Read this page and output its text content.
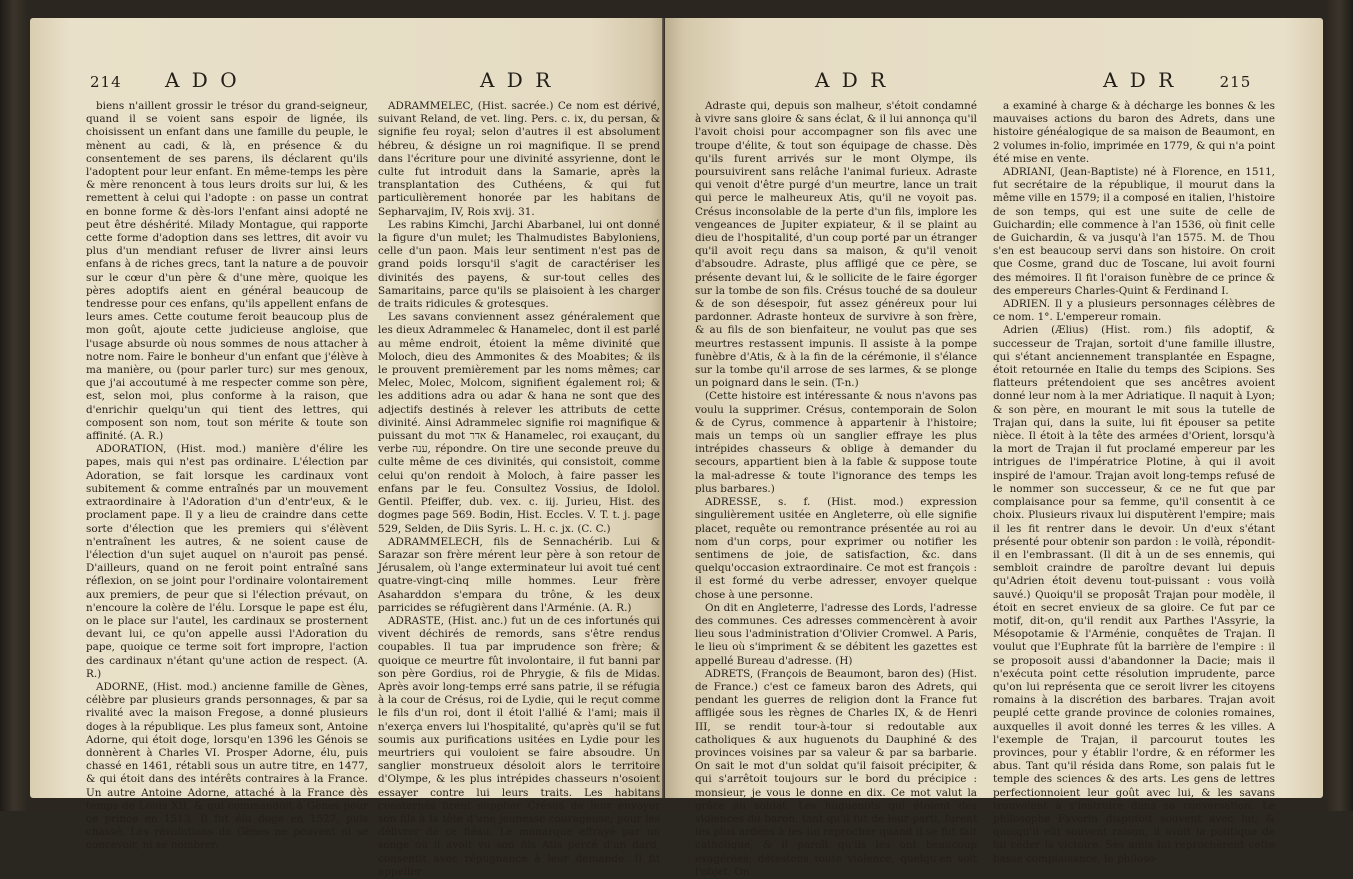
214 A D O	A D R

biens n'aillent grossir le trésor du grand-seigneur, quand il se voient sans espoir de lignée, ils choisissent un enfant dans une famille du peuple, le mènent au cadi, & là, en présence & du consentement de ses parens, ils déclarent qu'ils l'adoptent pour leur enfant. En même-temps les père & mère renoncent à tous leurs droits sur lui, & les remettent à celui qui l'adopte : on passe un contrat en bonne forme & dès-lors l'enfant ainsi adopté ne peut être déshérité. Milady Montague, qui rapporte cette forme d'adoption dans ses lettres, dit avoir vu plus d'un mendiant refuser de livrer ainsi leurs enfans à de riches grecs, tant la nature a de pouvoir sur le cœur d'un père & d'une mère, quoique les pères adoptifs aient en général beaucoup de tendresse pour ces enfans, qu'ils appellent enfans de leurs ames. Cette coutume feroit beaucoup plus de mon goût, ajoute cette judicieuse angloise, que l'usage absurde où nous sommes de nous attacher à notre nom. Faire le bonheur d'un enfant que j'élève à ma manière, ou (pour parler turc) sur mes genoux, que j'ai accoutumé à me respecter comme son père, est, selon moi, plus conforme à la raison, que d'enrichir quelqu'un qui tient des lettres, qui composent son nom, tout son mérite & toute son affinité. (A. R.)

ADORATION, (Hist. mod.) manière d'élire les papes, mais qui n'est pas ordinaire. L'élection par Adoration, se fait lorsque les cardinaux vont subitement & comme entraînés par un mouvement extraordinaire à l'Adoration d'un d'entr'eux, & le proclament pape. Il y a lieu de craindre dans cette sorte d'élection que les premiers qui s'élèvent n'entraînent les autres, & ne soient cause de l'élection d'un sujet auquel on n'auroit pas pensé. D'ailleurs, quand on ne feroit point entraîné sans réflexion, on se joint pour l'ordinaire volontairement aux premiers, de peur que si l'élection prévaut, on n'encoure la colère de l'élu. Lorsque le pape est élu, on le place sur l'autel, les cardinaux se prosternent devant lui, ce qu'on appelle aussi l'Adoration du pape, quoique ce terme soit fort impropre, l'action des cardinaux n'étant qu'une action de respect. (A. R.)

ADORNE, (Hist. mod.) ancienne famille de Gènes, célèbre par plusieurs grands personnages, & par sa rivalité avec la maison Fregose, a donné plusieurs doges à la république. Les plus fameux sont, Antoine Adorne, qui étoit doge, lorsqu'en 1396 les Génois se donnèrent à Charles VI. Prosper Adorne, élu, puis chassé en 1461, rétabli sous un autre titre, en 1477, & qui étoit dans des intérêts contraires à la France. Un autre Antoine Adorne, attaché à la France dès temps de Louis XII, & qui commandoit à Gènes pour ce prince en 1513. Il fut élu doge en 1527, puis chassé. Les révolutions de Gènes ne peuvent ni se concevoir, ni se nombrer.

ADRAMMELEC, (Hist. sacrée.) Ce nom est dérivé, suivant Reland, de vet. ling. Pers. c. ix, du persan, & signifie feu royal; selon d'autres il est absolument hébreu, & désigne un roi magnifique. Il se prend dans l'écriture pour une divinité assyrienne, dont le culte fut introduit dans la Samarie, après la transplantation des Cuthéens, & qui fut particulièrement honorée par les habitans de Sepharvajim, IV, Rois xvij. 31.

Les rabins Kimchi, Jarchi Abarbanel, lui ont donné la figure d'un mulet; les Thalmudistes Babyloniens, celle d'un paon. Mais leur sentiment n'est pas de grand poids lorsqu'il s'agit de caractériser les divinités des payens, & sur-tout celles des Samaritains, parce qu'ils se plaisoient à les charger de traits ridicules & grotesques.

Les savans conviennent assez généralement que les dieux Adrammelec & Hanamelec, dont il est parlé au même endroit, étoient la même divinité que Moloch, dieu des Ammonites & des Moabites; & ils le prouvent premièrement par les noms mêmes; car Melec, Molec, Molcom, signifient également roi; & les additions adra ou adar & hana ne sont que des adjectifs destinés à relever les attributs de cette divinité. Ainsi Adrammelec signifie roi magnifique & puissant du mot אדר & Hanamelec, roi exauçant, du verbe ענה, répondre. On tire une seconde preuve du culte même de ces divinités, qui consistoit, comme celui qu'on rendoit à Moloch, à faire passer les enfans par le feu. Consultez Vossius, de Idolol. Gentil. Pfeiffer, dub. vex. c. iij. Jurieu, Hist. des dogmes page 569. Bodin, Hist. Eccles. V. T. t. j. page 529, Selden, de Diis Syris. L. H. c. jx. (C. C.)

ADRAMMELECH, fils de Sennachérib. Lui & Sarazar son frère mérent leur père à son retour de Jérusalem, où l'ange exterminateur lui avoit tué cent quatre-vingt-cinq mille hommes. Leur frère Asaharddon s'empara du trône, & les deux parricides se réfugièrent dans l'Arménie. (A. R.)

ADRASTE, (Hist. anc.) fut un de ces infortunés qui vivent déchirés de remords, sans s'être rendus coupables. Il tua par imprudence son frère; & quoique ce meurtre fût involontaire, il fut banni par son père Gordius, roi de Phrygie, & fils de Midas. Après avoir long-temps erré sans patrie, il se réfugia à la cour de Crésus, roi de Lydie, qui le reçut comme le fils d'un roi, dont il étoit l'allié & l'ami; mais il n'exerça envers lui l'hospitalité, qu'après qu'il se fut soumis aux purifications usitées en Lydie pour les meurtriers qui vouloient se faire absoudre. Un sanglier monstrueux désoloit alors le territoire d'Olympe, & les plus intrépides chasseurs n'osoient essayer contre lui leurs traits. Les habitans consternés firent supplier Crésus de leur envoyer son fils à la tête d'une jeunesse courageuse, pour les délivrer de ce fléau. Le monarque effrayé par un songe où il avoit vu son fils Atis percé d'un dard, consentit avec répugnance à leur demande. Il fit appeller

A D R	A D R	215

Adraste qui, depuis son malheur, s'étoit condamné à vivre sans gloire & sans éclat, & il lui annonça qu'il l'avoit choisi pour accompagner son fils avec une troupe d'élite, & tout son équipage de chasse. Dès qu'ils furent arrivés sur le mont Olympe, ils poursuivirent sans relâche l'animal furieux. Adraste qui venoit d'être purgé d'un meurtre, lance un trait qui perce le malheureux Atis, qu'il ne voyoit pas. Crésus inconsolable de la perte d'un fils, implore les vengeances de Jupiter expiateur, & il se plaint au dieu de l'hospitalité, d'un coup porté par un étranger qu'il avoit reçu dans sa maison, & qu'il venoit d'absoudre. Adraste, plus affligé que ce père, se présente devant lui, & le sollicite de le faire égorger sur la tombe de son fils. Crésus touché de sa douleur & de son désespoir, fut assez généreux pour lui pardonner. Adraste honteux de survivre à son frère, & au fils de son bienfaiteur, ne voulut pas que ses meurtres restassent impunis. Il assiste à la pompe funèbre d'Atis, & à la fin de la cérémonie, il s'élance sur la tombe qu'il arrose de ses larmes, & se plonge un poignard dans le sein. (T-n.)

(Cette histoire est intéressante & nous n'avons pas voulu la supprimer. Crésus, contemporain de Solon & de Cyrus, commence à appartenir à l'histoire; mais un temps où un sanglier effraye les plus intrépides chasseurs & oblige à demander du secours, appartient bien à la fable & suppose toute la mal-adresse & toute l'ignorance des temps les plus barbares.)

ADRESSE, s. f. (Hist. mod.) expression singulièrement usitée en Angleterre, où elle signifie placet, requête ou remontrance présentée au roi au nom d'un corps, pour exprimer ou notifier les sentimens de joie, de satisfaction, &c. dans quelqu'occasion extraordinaire. Ce mot est françois : il est formé du verbe adresser, envoyer quelque chose à une personne.

On dit en Angleterre, l'adresse des Lords, l'adresse des communes. Ces adresses commencèrent à avoir lieu sous l'administration d'Olivier Cromwel. A Paris, le lieu où s'impriment & se débitent les gazettes est appellé Bureau d'adresse. (H)

ADRETS, (François de Beaumont, baron des) (Hist. de France.) c'est ce fameux baron des Adrets, qui pendant les guerres de religion dont la France fut affligée sous les règnes de Charles IX, & de Henri III, se rendit tour-à-tour si redoutable aux catholiques & aux huguenots du Dauphiné & des provinces voisines par sa valeur & par sa barbarie. On sait le mot d'un soldat qu'il faisoit précipiter, & qui s'arrêtoit toujours sur le bord du précipice : monsieur, je vous le donne en dix. Ce mot valut la grâce au soldat. Les huguenots qui étoient des violences du baron, tant qu'il fut de leur parti, furent les plus ardens à les lui reprocher quand il se fut fait catholique, & il paroît qu'ils les ont beaucoup exagérées; détestons toute violence, quelqu'en soit l'objet. On

a examiné à charge & à décharge les bonnes & les mauvaises actions du baron des Adrets, dans une histoire généalogique de sa maison de Beaumont, en 2 volumes in-folio, imprimée en 1779, & qui n'a point été mise en vente.

ADRIANI, (Jean-Baptiste) né à Florence, en 1511, fut secrétaire de la république, il mourut dans la même ville en 1579; il a composé en italien, l'histoire de son temps, qui est une suite de celle de Guichardin; elle commence à l'an 1536, où finit celle de Guichardin, & va jusqu'à l'an 1575. M. de Thou s'en est beaucoup servi dans son histoire. On croit que Cosme, grand duc de Toscane, lui avoit fourni des mémoires. Il fit l'oraison funèbre de ce prince & des empereurs Charles-Quint & Ferdinand I.

ADRIEN. Il y a plusieurs personnages célèbres de ce nom. 1°. L'empereur romain.

Adrien (Ælius) (Hist. rom.) fils adoptif, & successeur de Trajan, sortoit d'une famille illustre, qui s'étant anciennement transplantée en Espagne, étoit retournée en Italie du temps des Scipions. Ses flatteurs prétendoient que ses ancêtres avoient donné leur nom à la mer Adriatique. Il naquit à Lyon; & son père, en mourant le mit sous la tutelle de Trajan qui, dans la suite, lui fit épouser sa petite nièce. Il étoit à la tête des armées d'Orient, lorsqu'à la mort de Trajan il fut proclamé empereur par les intrigues de l'impératrice Plotine, à qui il avoit inspiré de l'amour. Trajan avoit long-temps refusé de le nommer son successeur, & ce ne fut que par complaisance pour sa femme, qu'il consentit à ce choix. Plusieurs rivaux lui disputèrent l'empire; mais il les fit rentrer dans le devoir. Un d'eux s'étant présenté pour obtenir son pardon : le voilà, répondit-il en l'embrassant. (Il dit à un de ses ennemis, qui sembloit craindre de paroître devant lui depuis qu'Adrien étoit devenu tout-puissant : vous voilà sauvé.) Quoiqu'il se proposât Trajan pour modèle, il étoit en secret envieux de sa gloire. Ce fut par ce motif, dit-on, qu'il rendit aux Parthes l'Assyrie, la Mésopotamie & l'Arménie, conquêtes de Trajan. Il voulut que l'Euphrate fût la barrière de l'empire : il se proposoit aussi d'abandonner la Dacie; mais il n'exécuta point cette résolution imprudente, parce qu'on lui représenta que ce seroit livrer les citoyens romains à la discrétion des barbares. Trajan avoit peuplé cette grande province de colonies romaines, auxquelles il avoit donné les terres & les villes. A l'exemple de Trajan, il parcourut toutes les provinces, pour y établir l'ordre, & en réformer les abus. Tant qu'il résida dans Rome, son palais fut le temple des sciences & des arts. Les gens de lettres perfectionnoient leur goût avec lui, & les savans trouvoient à s'instruire dans sa conversation. Le philosophe Favorin disputoit souvent avec lui; & quoiqu'il eût souvent raison, il avoit la politique de lui céder la victoire. Ses amis lui reprochèrent cette basse complaisance, le philoso-
